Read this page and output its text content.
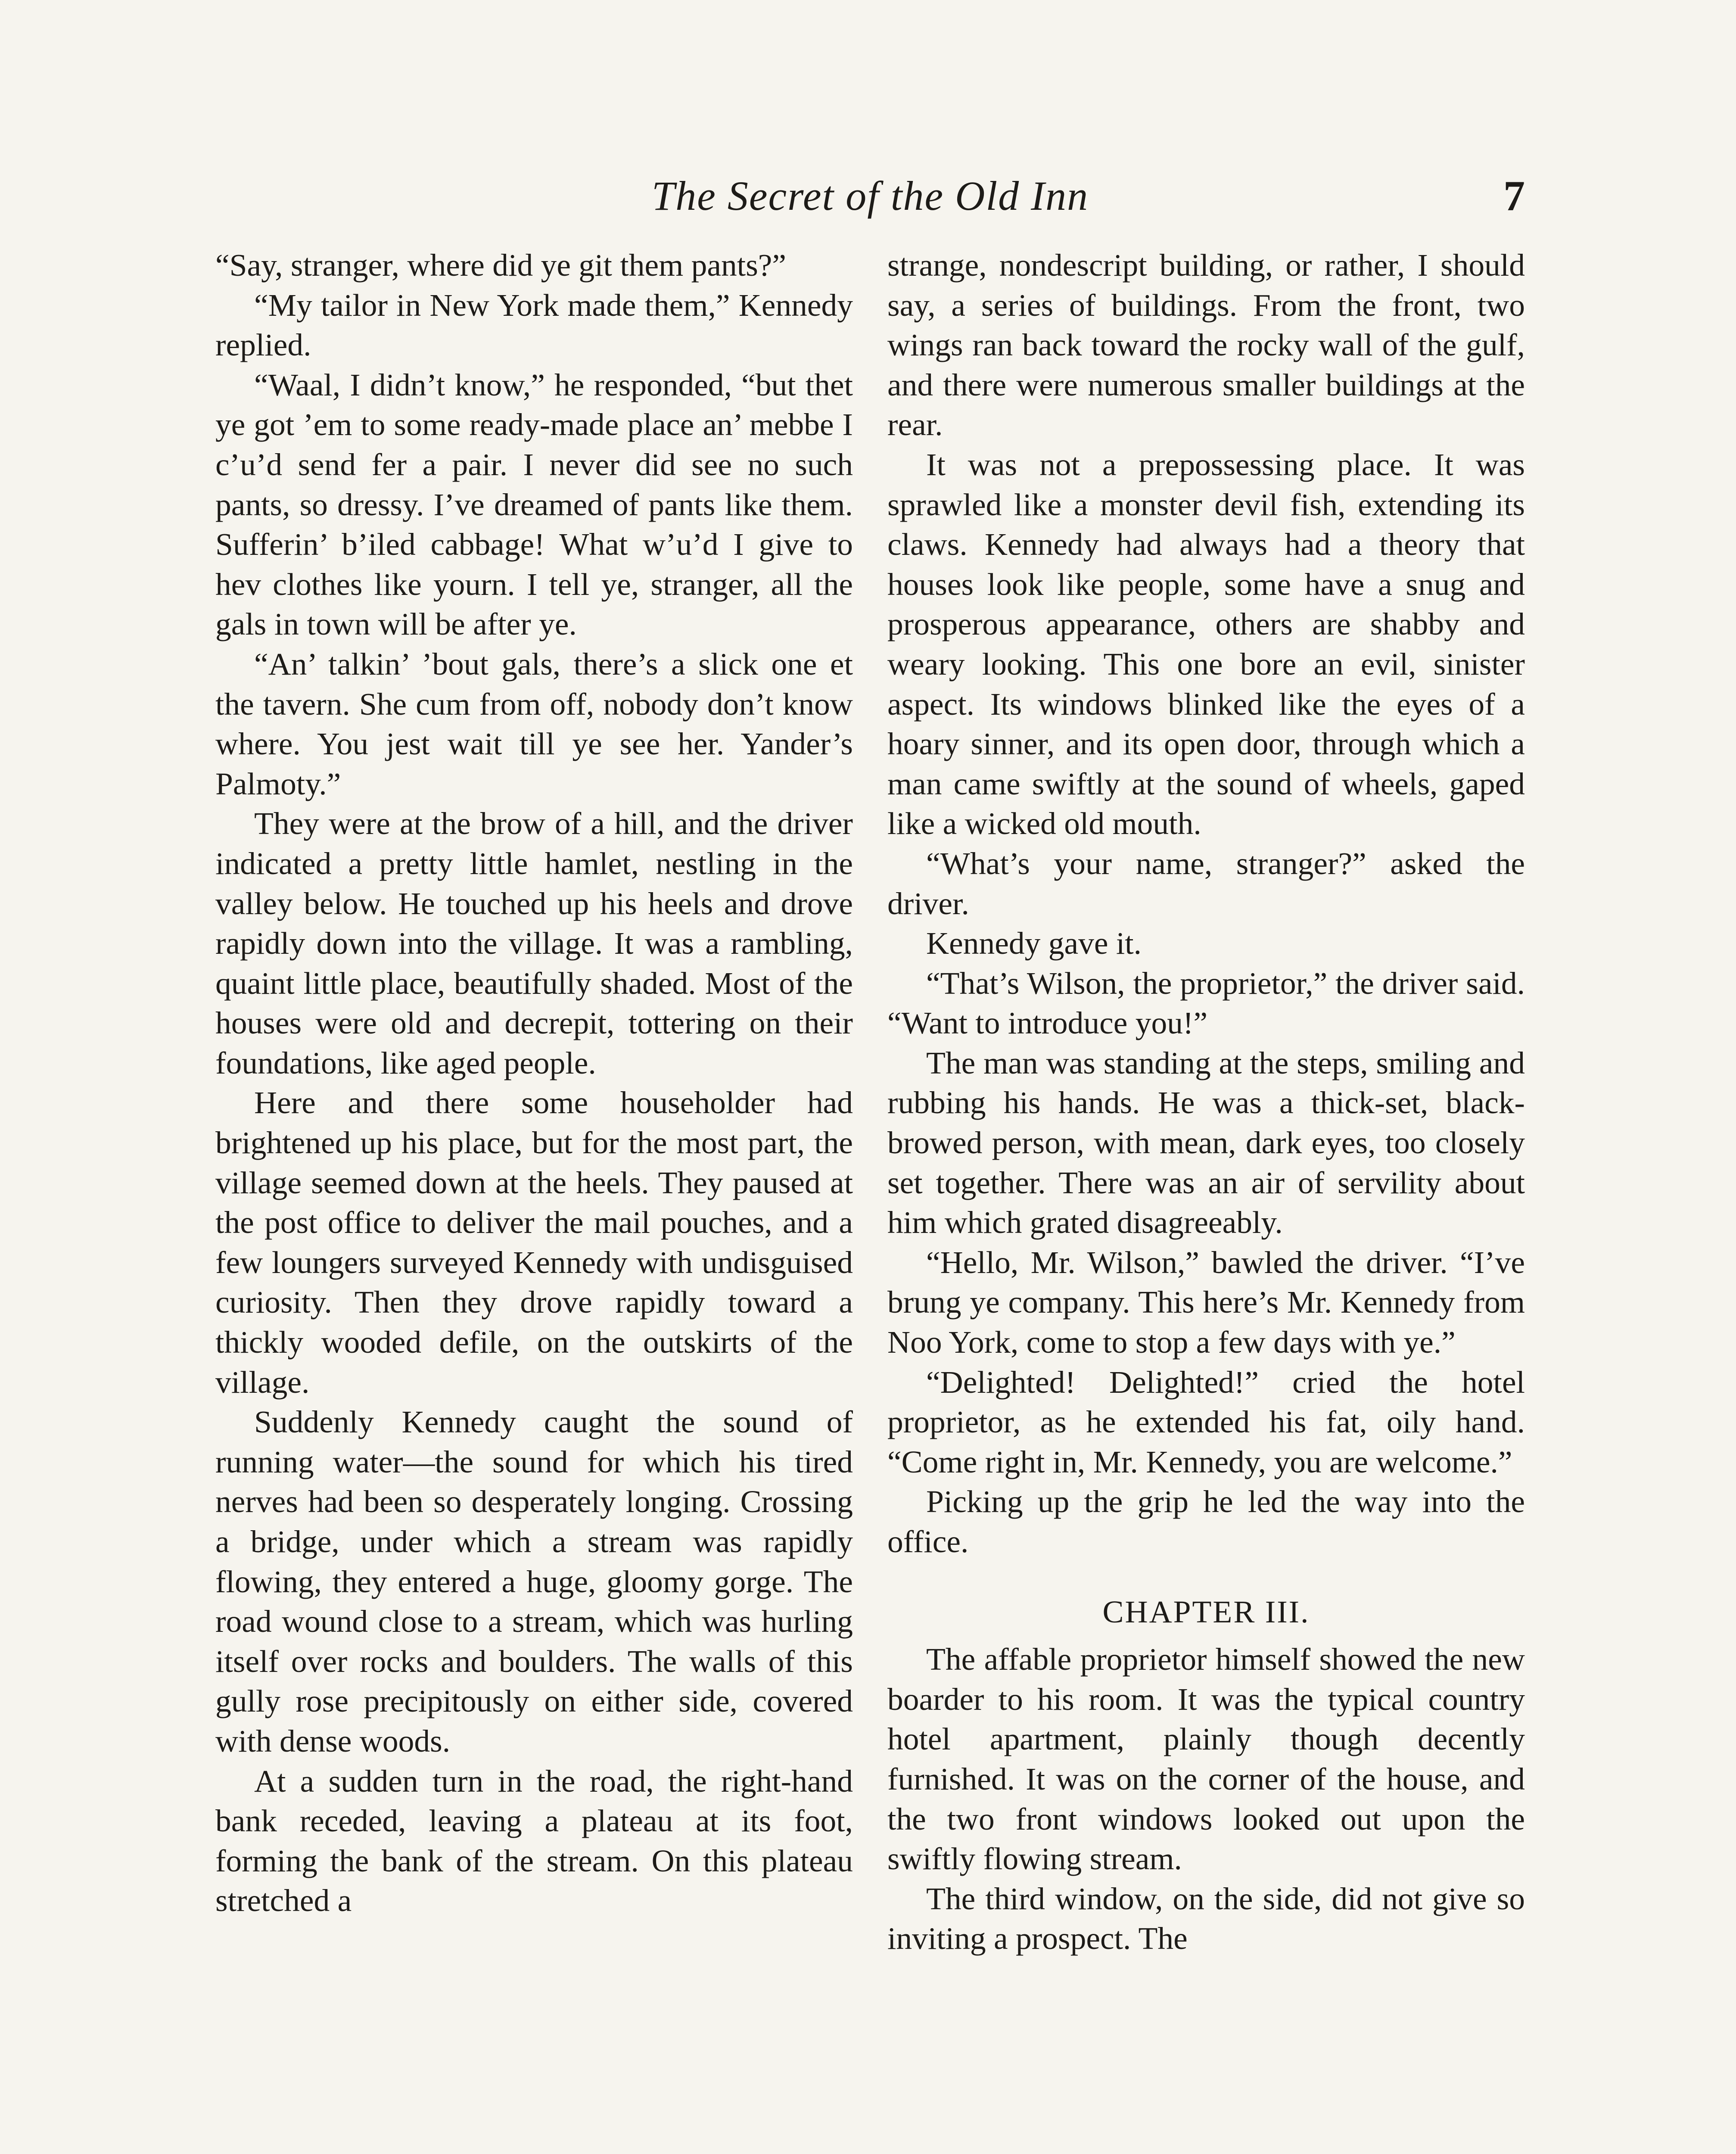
The Secret of the Old Inn	7

“Say, stranger, where did ye git them pants?”

“My tailor in New York made them,” Kennedy replied.

“Waal, I didn’t know,” he responded, “but thet ye got ’em to some ready-made place an’ mebbe I c’u’d send fer a pair. I never did see no such pants, so dressy. I’ve dreamed of pants like them. Sufferin’ b’iled cabbage! What w’u’d I give to hev clothes like yourn. I tell ye, stranger, all the gals in town will be after ye.

“An’ talkin’ ’bout gals, there’s a slick one et the tavern. She cum from off, nobody don’t know where. You jest wait till ye see her. Yander’s Palmoty.”

They were at the brow of a hill, and the driver indicated a pretty little hamlet, nestling in the valley below. He touched up his heels and drove rapidly down into the village. It was a rambling, quaint little place, beautifully shaded. Most of the houses were old and decrepit, tottering on their foundations, like aged people.

Here and there some householder had brightened up his place, but for the most part, the village seemed down at the heels. They paused at the post office to deliver the mail pouches, and a few loungers surveyed Kennedy with undisguised curiosity. Then they drove rapidly toward a thickly wooded defile, on the outskirts of the village.

Suddenly Kennedy caught the sound of running water—the sound for which his tired nerves had been so desperately longing. Crossing a bridge, under which a stream was rapidly flowing, they entered a huge, gloomy gorge. The road wound close to a stream, which was hurling itself over rocks and boulders. The walls of this gully rose precipitously on either side, covered with dense woods.

At a sudden turn in the road, the right-hand bank receded, leaving a plateau at its foot, forming the bank of the stream. On this plateau stretched a

strange, nondescript building, or rather, I should say, a series of buildings. From the front, two wings ran back toward the rocky wall of the gulf, and there were numerous smaller buildings at the rear.

It was not a prepossessing place. It was sprawled like a monster devil fish, extending its claws. Kennedy had always had a theory that houses look like people, some have a snug and prosperous appearance, others are shabby and weary looking. This one bore an evil, sinister aspect. Its windows blinked like the eyes of a hoary sinner, and its open door, through which a man came swiftly at the sound of wheels, gaped like a wicked old mouth.

“What’s your name, stranger?” asked the driver.

Kennedy gave it.

“That’s Wilson, the proprietor,” the driver said. “Want to introduce you!”

The man was standing at the steps, smiling and rubbing his hands. He was a thick-set, black-browed person, with mean, dark eyes, too closely set together. There was an air of servility about him which grated disagreeably.

“Hello, Mr. Wilson,” bawled the driver. “I’ve brung ye company. This here’s Mr. Kennedy from Noo York, come to stop a few days with ye.”

“Delighted! Delighted!” cried the hotel proprietor, as he extended his fat, oily hand. “Come right in, Mr. Kennedy, you are welcome.”

Picking up the grip he led the way into the office.

CHAPTER III.

The affable proprietor himself showed the new boarder to his room. It was the typical country hotel apartment, plainly though decently furnished. It was on the corner of the house, and the two front windows looked out upon the swiftly flowing stream.

The third window, on the side, did not give so inviting a prospect. The
